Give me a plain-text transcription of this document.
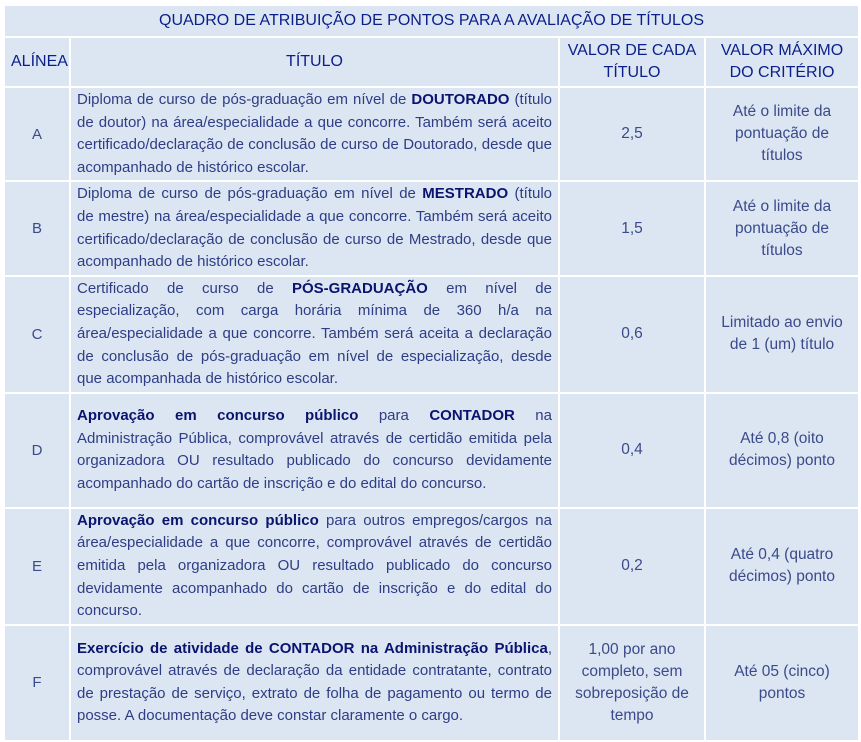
QUADRO DE ATRIBUIÇÃO DE PONTOS PARA A AVALIAÇÃO DE TÍTULOS			
ALÍNEA	TÍTULO	VALOR DE CADA TÍTULO	VALOR MÁXIMO DO CRITÉRIO
A	Diploma de curso de pós-graduação em nível de DOUTORADO (título de doutor) na área/especialidade a que concorre. Também será aceito certificado/declaração de conclusão de curso de Doutorado, desde que acompanhado de histórico escolar.	2,5	Até o limite da pontuação de títulos
B	Diploma de curso de pós-graduação em nível de MESTRADO (título de mestre) na área/especialidade a que concorre. Também será aceito certificado/declaração de conclusão de curso de Mestrado, desde que acompanhado de histórico escolar.	1,5	Até o limite da pontuação de títulos
C	Certificado de curso de PÓS-GRADUAÇÃO em nível de especialização, com carga horária mínima de 360 h/a na área/especialidade a que concorre. Também será aceita a declaração de conclusão de pós-graduação em nível de especialização, desde que acompanhada de histórico escolar.	0,6	Limitado ao envio de 1 (um) título
D	Aprovação em concurso público para CONTADOR na Administração Pública, comprovável através de certidão emitida pela organizadora OU resultado publicado do concurso devidamente acompanhado do cartão de inscrição e do edital do concurso.	0,4	Até 0,8 (oito décimos) ponto
E	Aprovação em concurso público para outros empregos/cargos na área/especialidade a que concorre, comprovável através de certidão emitida pela organizadora OU resultado publicado do concurso devidamente acompanhado do cartão de inscrição e do edital do concurso.	0,2	Até 0,4 (quatro décimos) ponto
F	Exercício de atividade de CONTADOR na Administração Pública, comprovável através de declaração da entidade contratante, contrato de prestação de serviço, extrato de folha de pagamento ou termo de posse. A documentação deve constar claramente o cargo.	1,00 por ano completo, sem sobreposição de tempo	Até 05 (cinco) pontos
